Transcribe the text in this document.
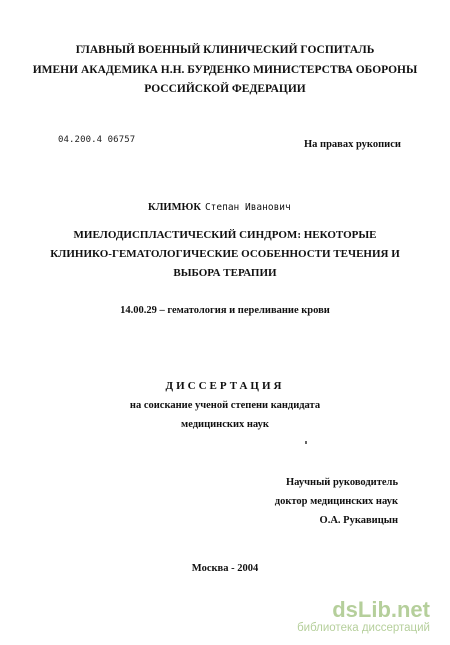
ГЛАВНЫЙ ВОЕННЫЙ КЛИНИЧЕСКИЙ ГОСПИТАЛЬ
ИМЕНИ АКАДЕМИКА Н.Н. БУРДЕНКО МИНИСТЕРСТВА ОБОРОНЫ
РОССИЙСКОЙ ФЕДЕРАЦИИ
04.200.4 06757	На правах рукописи
КЛИМЮК Степан Иванович
МИЕЛОДИСПЛАСТИЧЕСКИЙ СИНДРОМ: НЕКОТОРЫЕ
КЛИНИКО-ГЕМАТОЛОГИЧЕСКИЕ ОСОБЕННОСТИ ТЕЧЕНИЯ И
ВЫБОРА ТЕРАПИИ
14.00.29 – гематология и переливание крови
ДИССЕРТАЦИЯ
на соискание ученой степени кандидата
медицинских наук
Научный руководитель
доктор медицинских наук
О.А. Рукавицын
Москва - 2004
dsLib.net
библиотека диссертаций
